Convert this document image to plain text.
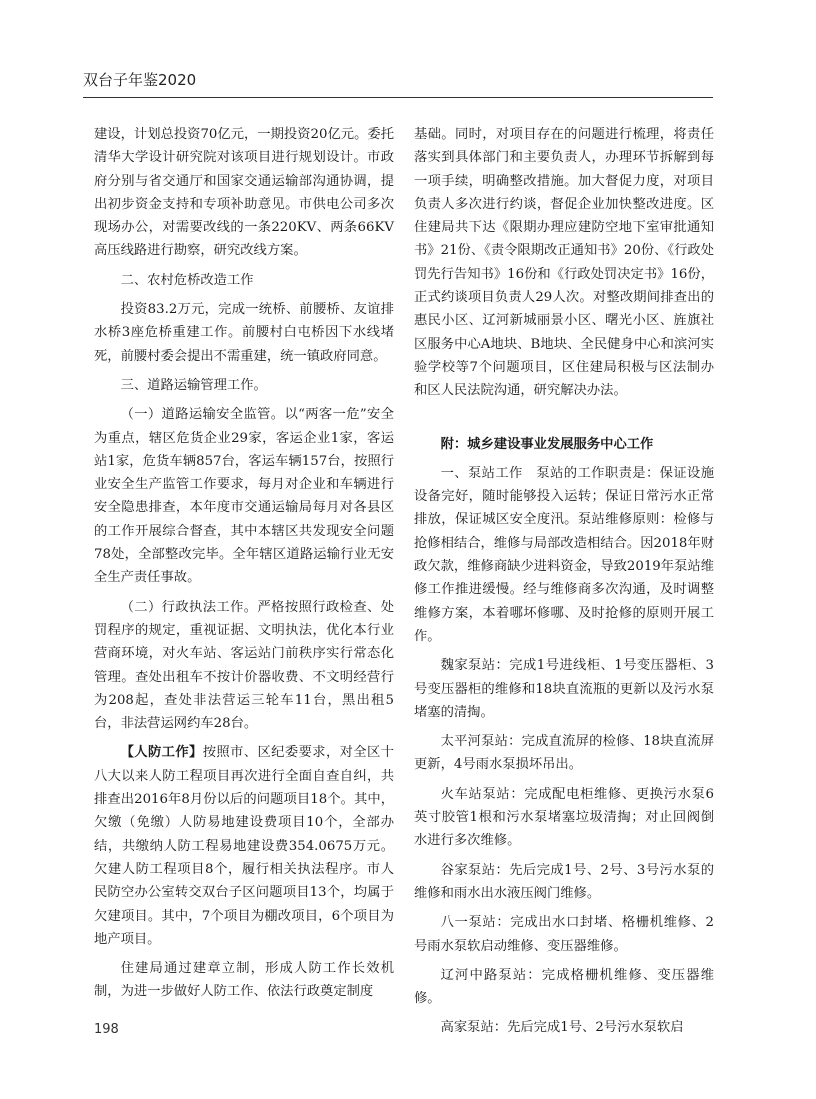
双台子年鉴2020

建设，计划总投资70亿元，一期投资20亿元。委托清华大学设计研究院对该项目进行规划设计。市政府分别与省交通厅和国家交通运输部沟通协调，提出初步资金支持和专项补助意见。市供电公司多次现场办公，对需要改线的一条220KV、两条66KV高压线路进行勘察，研究改线方案。

二、农村危桥改造工作

投资83.2万元，完成一统桥、前腰桥、友谊排水桥3座危桥重建工作。前腰村白屯桥因下水线堵死，前腰村委会提出不需重建，统一镇政府同意。

三、道路运输管理工作。

（一）道路运输安全监管。以“两客一危”安全为重点，辖区危货企业29家，客运企业1家，客运站1家，危货车辆857台，客运车辆157台，按照行业安全生产监管工作要求，每月对企业和车辆进行安全隐患排查，本年度市交通运输局每月对各县区的工作开展综合督查，其中本辖区共发现安全问题78处，全部整改完毕。全年辖区道路运输行业无安全生产责任事故。

（二）行政执法工作。严格按照行政检查、处罚程序的规定，重视证据、文明执法，优化本行业营商环境，对火车站、客运站门前秩序实行常态化管理。查处出租车不按计价器收费、不文明经营行为208起，查处非法营运三轮车11台，黑出租5台，非法营运网约车28台。

【人防工作】按照市、区纪委要求，对全区十八大以来人防工程项目再次进行全面自查自纠，共排查出2016年8月份以后的问题项目18个。其中，欠缴（免缴）人防易地建设费项目10个，全部办结，共缴纳人防工程易地建设费354.0675万元。欠建人防工程项目8个，履行相关执法程序。市人民防空办公室转交双台子区问题项目13个，均属于欠建项目。其中，7个项目为棚改项目，6个项目为地产项目。

住建局通过建章立制，形成人防工作长效机制，为进一步做好人防工作、依法行政奠定制度

基础。同时，对项目存在的问题进行梳理，将责任落实到具体部门和主要负责人，办理环节拆解到每一项手续，明确整改措施。加大督促力度，对项目负责人多次进行约谈，督促企业加快整改进度。区住建局共下达《限期办理应建防空地下室审批通知书》21份、《责令限期改正通知书》20份、《行政处罚先行告知书》16份和《行政处罚决定书》16份，正式约谈项目负责人29人次。对整改期间排查出的惠民小区、辽河新城丽景小区、曙光小区、旌旗社区服务中心A地块、B地块、全民健身中心和滨河实验学校等7个问题项目，区住建局积极与区法制办和区人民法院沟通，研究解决办法。

附：城乡建设事业发展服务中心工作

一、泵站工作　泵站的工作职责是：保证设施设备完好，随时能够投入运转；保证日常污水正常排放，保证城区安全度汛。泵站维修原则：检修与抢修相结合，维修与局部改造相结合。因2018年财政欠款，维修商缺少进料资金，导致2019年泵站维修工作推进缓慢。经与维修商多次沟通，及时调整维修方案，本着哪坏修哪、及时抢修的原则开展工作。

魏家泵站：完成1号进线柜、1号变压器柜、3号变压器柜的维修和18块直流瓶的更新以及污水泵堵塞的清掏。

太平河泵站：完成直流屏的检修、18块直流屏更新，4号雨水泵损坏吊出。

火车站泵站：完成配电柜维修、更换污水泵6英寸胶管1根和污水泵堵塞垃圾清掏；对止回阀倒水进行多次维修。

谷家泵站：先后完成1号、2号、3号污水泵的维修和雨水出水液压阀门维修。

八一泵站：完成出水口封堵、格栅机维修、2号雨水泵软启动维修、变压器维修。

辽河中路泵站：完成格栅机维修、变压器维修。

高家泵站：先后完成1号、2号污水泵软启

198
